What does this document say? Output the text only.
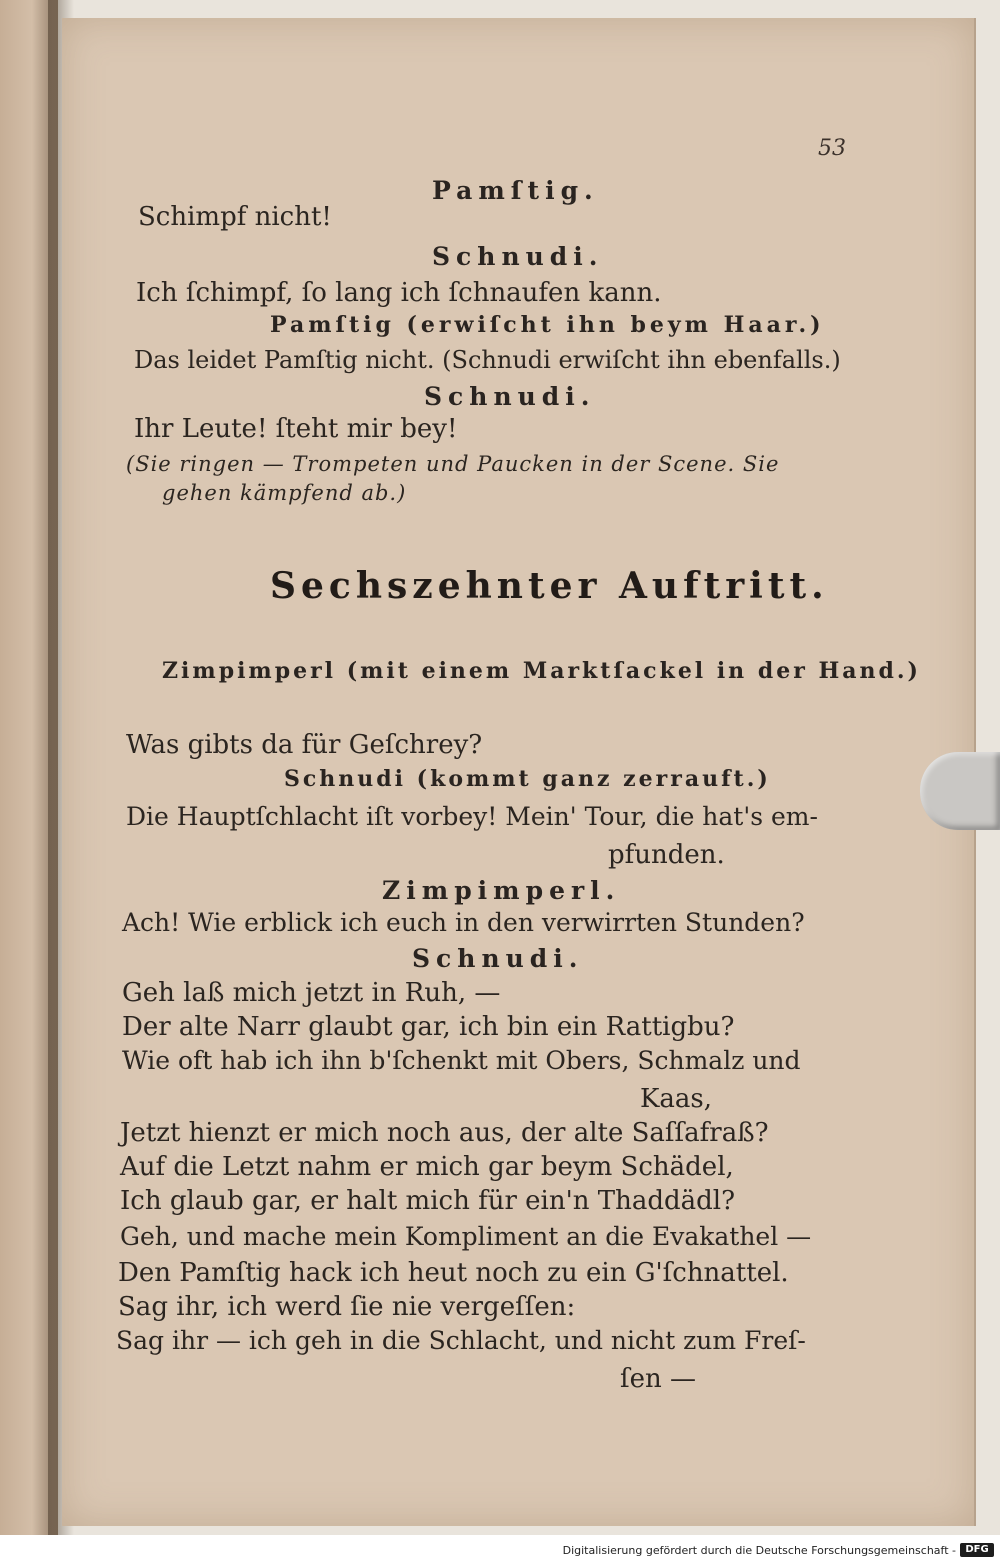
53
Pamſtig.
Schimpf nicht!
Schnudi.
Ich ſchimpf, ſo lang ich ſchnaufen kann.
Pamſtig (erwiſcht ihn beym Haar.)
Das leidet Pamſtig nicht. (Schnudi erwiſcht ihn ebenfalls.)
Schnudi.
Ihr Leute! ſteht mir bey!
(Sie ringen — Trompeten und Paucken in der Scene. Sie
gehen kämpfend ab.)
Sechszehnter Auftritt.
Zimpimperl (mit einem Marktſackel in der Hand.)
Was gibts da für Geſchrey?
Schnudi (kommt ganz zerrauft.)
Die Hauptſchlacht iſt vorbey! Mein' Tour, die hat's em-
pfunden.
Zimpimperl.
Ach! Wie erblick ich euch in den verwirrten Stunden?
Schnudi.
Geh laß mich jetzt in Ruh, —
Der alte Narr glaubt gar, ich bin ein Rattigbu?
Wie oft hab ich ihn b'ſchenkt mit Obers, Schmalz und
Kaas,
Jetzt hienzt er mich noch aus, der alte Saſſafraß?
Auf die Letzt nahm er mich gar beym Schädel,
Ich glaub gar, er halt mich für ein'n Thaddädl?
Geh, und mache mein Kompliment an die Evakathel —
Den Pamſtig hack ich heut noch zu ein G'ſchnattel.
Sag ihr, ich werd ſie nie vergeſſen:
Sag ihr — ich geh in die Schlacht, und nicht zum Freſ-
ſen —
Digitalisierung gefördert durch die Deutsche Forschungsgemeinschaft - DFG
